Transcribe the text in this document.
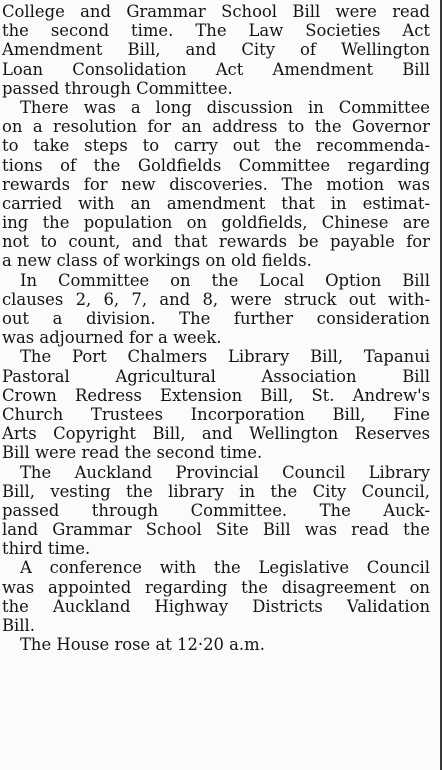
College and Grammar School Bill were read
the second time. The Law Societies Act
Amendment Bill, and City of Wellington
Loan Consolidation Act Amendment Bill
passed through Committee.
There was a long discussion in Committee
on a resolution for an address to the Governor
to take steps to carry out the recommenda-
tions of the Goldfields Committee regarding
rewards for new discoveries. The motion was
carried with an amendment that in estimat-
ing the population on goldfields, Chinese are
not to count, and that rewards be payable for
a new class of workings on old fields.
In Committee on the Local Option Bill
clauses 2, 6, 7, and 8, were struck out with-
out a division. The further consideration
was adjourned for a week.
The Port Chalmers Library Bill, Tapanui
Pastoral Agricultural Association Bill
Crown Redress Extension Bill, St. Andrew's
Church Trustees Incorporation Bill, Fine
Arts Copyright Bill, and Wellington Reserves
Bill were read the second time.
The Auckland Provincial Council Library
Bill, vesting the library in the City Council,
passed through Committee. The Auck-
land Grammar School Site Bill was read the
third time.
A conference with the Legislative Council
was appointed regarding the disagreement on
the Auckland Highway Districts Validation
Bill.
The House rose at 12·20 a.m.
